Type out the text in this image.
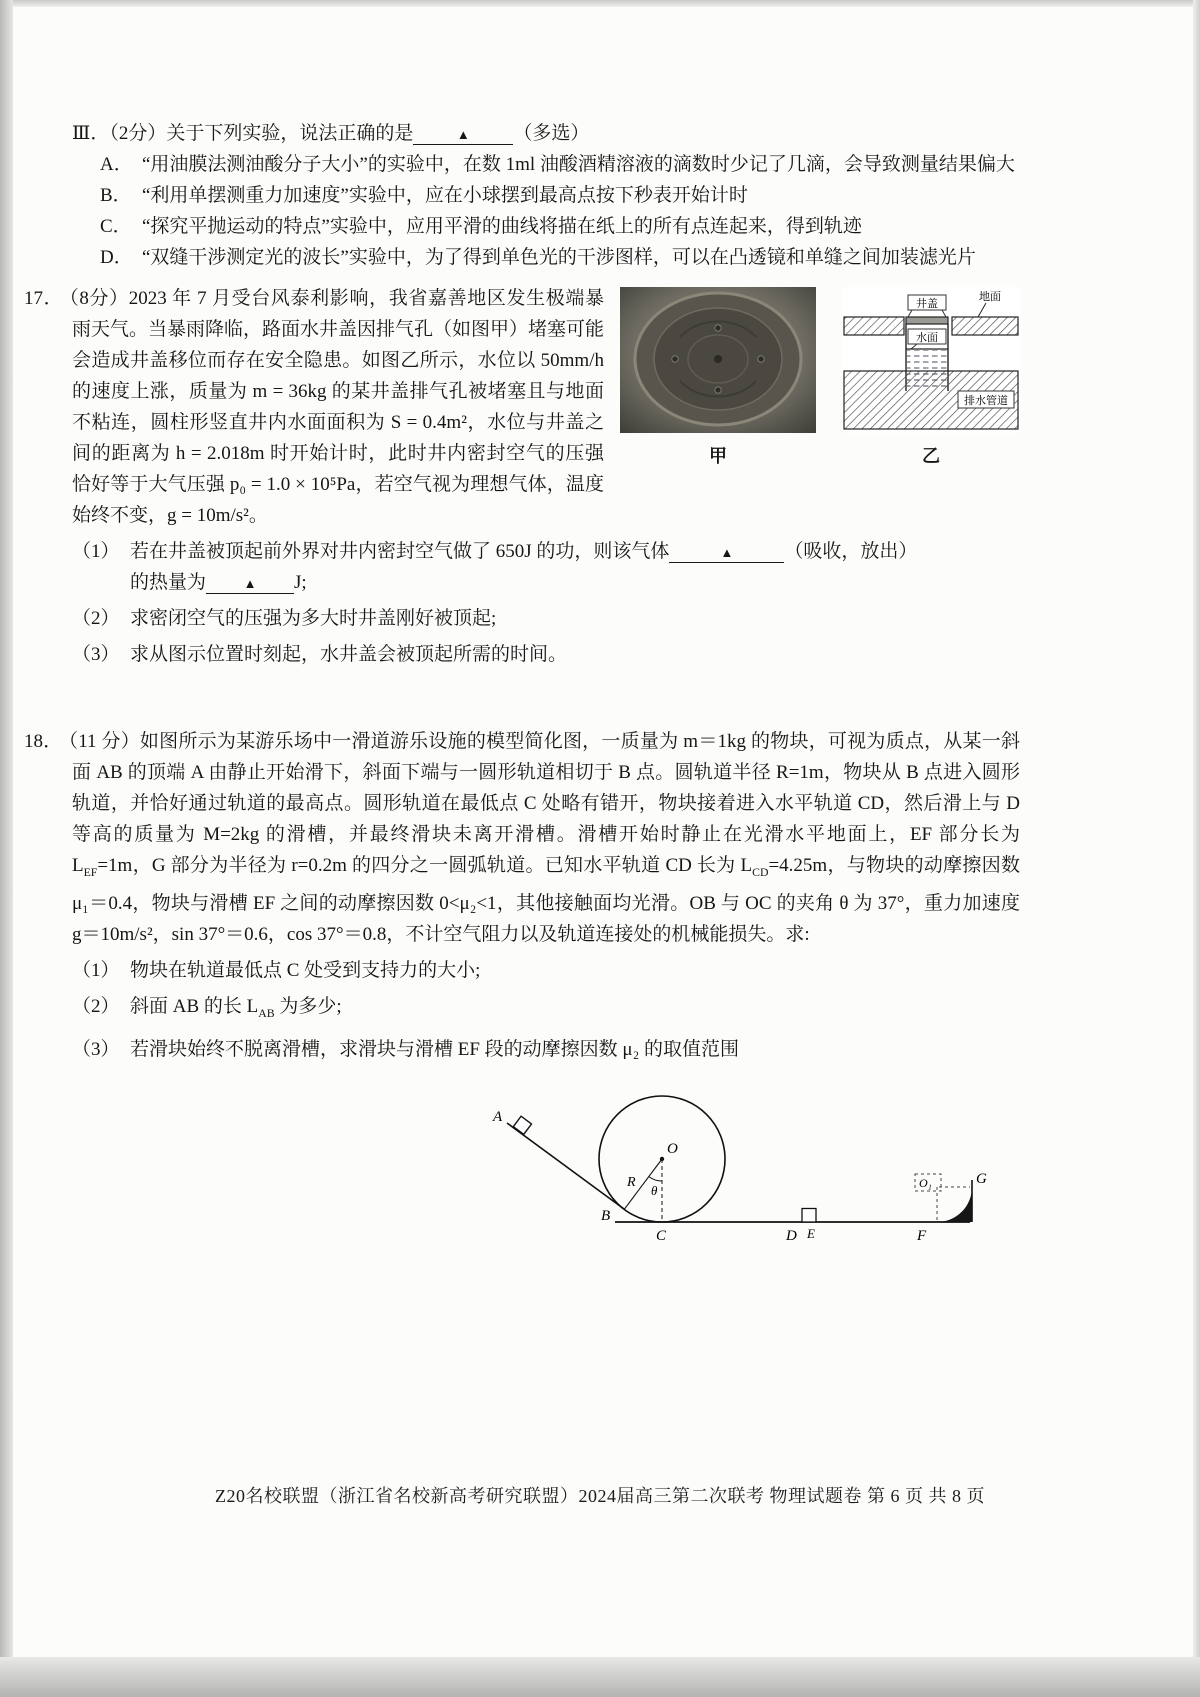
Ⅲ．（2分）关于下列实验，说法正确的是	▲ （多选）
A． “用油膜法测油酸分子大小”的实验中，在数 1ml 油酸酒精溶液的滴数时少记了几滴，会导致测量结果偏大
B． “利用单摆测重力加速度”实验中，应在小球摆到最高点按下秒表开始计时
C． “探究平抛运动的特点”实验中，应用平滑的曲线将描在纸上的所有点连起来，得到轨迹
D． “双缝干涉测定光的波长”实验中，为了得到单色光的干涉图样，可以在凸透镜和单缝之间加装滤光片
甲
地面
井盖
水面
排水管道
乙
17． （8分）2023 年 7 月受台风泰利影响，我省嘉善地区发生极端暴雨天气。当暴雨降临，路面水井盖因排气孔（如图甲）堵塞可能会造成井盖移位而存在安全隐患。如图乙所示，水位以 50mm/h 的速度上涨，质量为 m = 36kg 的某井盖排气孔被堵塞且与地面不粘连，圆柱形竖直井内水面面积为 S = 0.4m²，水位与井盖之间的距离为 h = 2.018m 时开始计时，此时井内密封空气的压强恰好等于大气压强 p₀ = 1.0 × 10⁵Pa，若空气视为理想气体，温度始终不变，g = 10m/s²。
（1） 若在井盖被顶起前外界对井内密封空气做了 650J 的功，则该气体	▲	（吸收，放出）
的热量为	▲ J;
（2） 求密闭空气的压强为多大时井盖刚好被顶起;
（3） 求从图示位置时刻起，水井盖会被顶起所需的时间。
18． （11 分）如图所示为某游乐场中一滑道游乐设施的模型简化图，一质量为 m＝1kg 的物块，可视为质点，从某一斜面 AB 的顶端 A 由静止开始滑下，斜面下端与一圆形轨道相切于 B 点。圆轨道半径 R=1m，物块从 B 点进入圆形轨道，并恰好通过轨道的最高点。圆形轨道在最低点 C 处略有错开，物块接着进入水平轨道 CD，然后滑上与 D 等高的质量为 M=2kg 的滑槽，并最终滑块未离开滑槽。滑槽开始时静止在光滑水平地面上，EF 部分长为 $L_{EF}=1m$，G 部分为半径为 r=0.2m 的四分之一圆弧轨道。已知水平轨道 CD 长为 $L_{CD}=4.25m$，与物块的动摩擦因数 μ₁＝0.4，物块与滑槽 EF 之间的动摩擦因数 0<μ₂<1，其他接触面均光滑。OB 与 OC 的夹角 θ 为 37°，重力加速度 g＝10m/s²，sin 37°＝0.6，cos 37°＝0.8，不计空气阻力以及轨道连接处的机械能损失。求:
（1） 物块在轨道最低点 C 处受到支持力的大小;
（2） 斜面 AB 的长 $L_{AB}$ 为多少;
（3） 若滑块始终不脱离滑槽，求滑块与滑槽 EF 段的动摩擦因数 μ₂ 的取值范围
A
O
R
θ
B
C	D E	F
G
O₁
Z20名校联盟（浙江省名校新高考研究联盟）2024届高三第二次联考 物理试题卷 第 6 页 共 8 页
